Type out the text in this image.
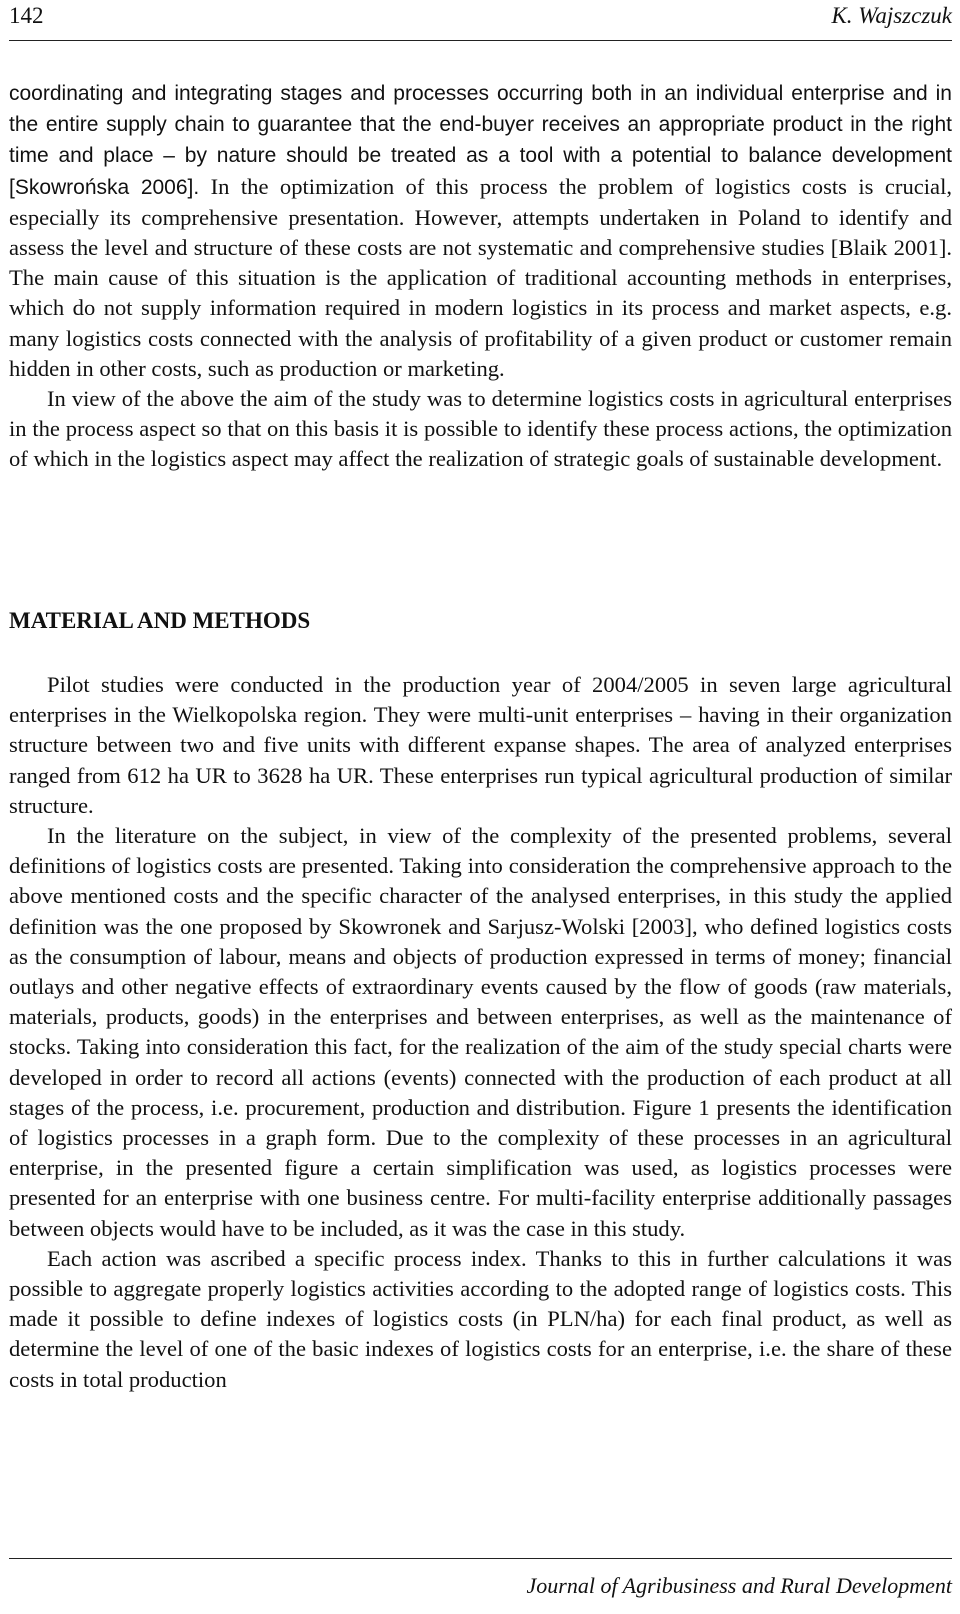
142	K. Wajszczuk

coordinating and integrating stages and processes occurring both in an individual enterprise and in the entire supply chain to guarantee that the end-buyer receives an appropriate product in the right time and place – by nature should be treated as a tool with a potential to balance development [Skowrońska 2006]. In the optimization of this process the problem of logistics costs is crucial, especially its comprehensive presentation. However, attempts undertaken in Poland to identify and assess the level and structure of these costs are not systematic and comprehensive studies [Blaik 2001]. The main cause of this situation is the application of traditional accounting methods in enterprises, which do not supply information required in modern logistics in its process and market aspects, e.g. many logistics costs connected with the analysis of profitability of a given product or customer remain hidden in other costs, such as production or marketing.

In view of the above the aim of the study was to determine logistics costs in agricultural enterprises in the process aspect so that on this basis it is possible to identify these process actions, the optimization of which in the logistics aspect may affect the realization of strategic goals of sustainable development.

MATERIAL AND METHODS

Pilot studies were conducted in the production year of 2004/2005 in seven large agricultural enterprises in the Wielkopolska region. They were multi-unit enterprises – having in their organization structure between two and five units with different expanse shapes. The area of analyzed enterprises ranged from 612 ha UR to 3628 ha UR. These enterprises run typical agricultural production of similar structure.

In the literature on the subject, in view of the complexity of the presented problems, several definitions of logistics costs are presented. Taking into consideration the comprehensive approach to the above mentioned costs and the specific character of the analysed enterprises, in this study the applied definition was the one proposed by Skowronek and Sarjusz-Wolski [2003], who defined logistics costs as the consumption of labour, means and objects of production expressed in terms of money; financial outlays and other negative effects of extraordinary events caused by the flow of goods (raw materials, materials, products, goods) in the enterprises and between enterprises, as well as the maintenance of stocks. Taking into consideration this fact, for the realization of the aim of the study special charts were developed in order to record all actions (events) connected with the production of each product at all stages of the process, i.e. procurement, production and distribution. Figure 1 presents the identification of logistics processes in a graph form. Due to the complexity of these processes in an agricultural enterprise, in the presented figure a certain simplification was used, as logistics processes were presented for an enterprise with one business centre. For multi-facility enterprise additionally passages between objects would have to be included, as it was the case in this study.

Each action was ascribed a specific process index. Thanks to this in further calculations it was possible to aggregate properly logistics activities according to the adopted range of logistics costs. This made it possible to define indexes of logistics costs (in PLN/ha) for each final product, as well as determine the level of one of the basic indexes of logistics costs for an enterprise, i.e. the share of these costs in total production

Journal of Agribusiness and Rural Development
